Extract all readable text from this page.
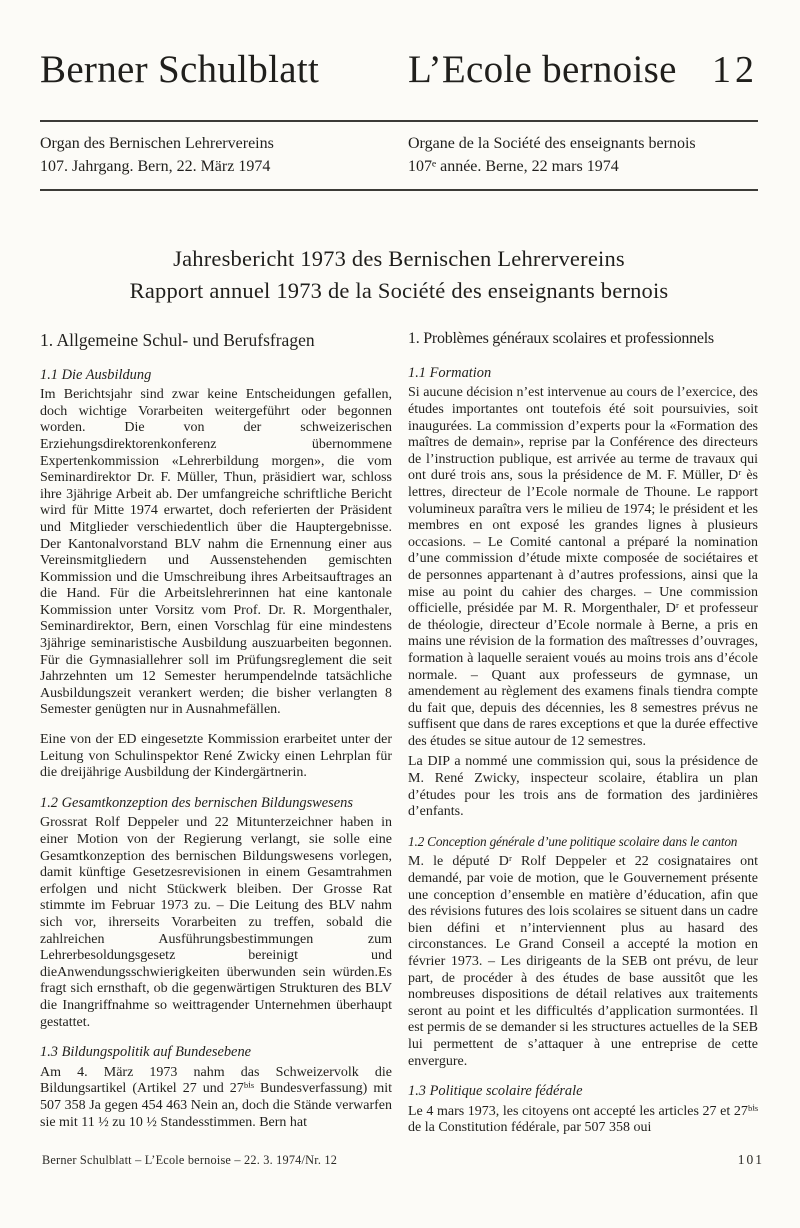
Berner Schulblatt	L’Ecole bernoise 12
Organ des Bernischen Lehrervereins
107. Jahrgang. Bern, 22. März 1974
Organe de la Société des enseignants bernois
107ᵉ année. Berne, 22 mars 1974
Jahresbericht 1973 des Bernischen Lehrervereins
Rapport annuel 1973 de la Société des enseignants bernois
1. Allgemeine Schul- und Berufsfragen
1.1 Die Ausbildung

Im Berichtsjahr sind zwar keine Entscheidungen gefallen, doch wichtige Vorarbeiten weitergeführt oder begonnen worden. Die von der schweizerischen Erziehungsdirektorenkonferenz übernommene Expertenkommission «Lehrerbildung morgen», die vom Seminardirektor Dr. F. Müller, Thun, präsidiert war, schloss ihre 3jährige Arbeit ab. Der umfangreiche schriftliche Bericht wird für Mitte 1974 erwartet, doch referierten der Präsident und Mitglieder verschiedentlich über die Hauptergebnisse. Der Kantonalvorstand BLV nahm die Ernennung einer aus Vereinsmitgliedern und Aussenstehenden gemischten Kommission und die Umschreibung ihres Arbeitsauftrages an die Hand. Für die Arbeitslehrerinnen hat eine kantonale Kommission unter Vorsitz vom Prof. Dr. R. Morgenthaler, Seminardirektor, Bern, einen Vorschlag für eine mindestens 3jährige seminaristische Ausbildung auszuarbeiten begonnen. Für die Gymnasiallehrer soll im Prüfungsreglement die seit Jahrzehnten um 12 Semester herumpendelnde tatsächliche Ausbildungszeit verankert werden; die bisher verlangten 8 Semester genügten nur in Ausnahmefällen.

Eine von der ED eingesetzte Kommission erarbeitet unter der Leitung von Schulinspektor René Zwicky einen Lehrplan für die dreijährige Ausbildung der Kindergärtnerin.

1.2 Gesamtkonzeption des bernischen Bildungswesens

Grossrat Rolf Deppeler und 22 Mitunterzeichner haben in einer Motion von der Regierung verlangt, sie solle eine Gesamtkonzeption des bernischen Bildungswesens vorlegen, damit künftige Gesetzesrevisionen in einem Gesamtrahmen erfolgen und nicht Stückwerk bleiben. Der Grosse Rat stimmte im Februar 1973 zu. – Die Leitung des BLV nahm sich vor, ihrerseits Vorarbeiten zu treffen, sobald die zahlreichen Ausführungsbestimmungen zum Lehrerbesoldungsgesetz bereinigt und dieAnwendungsschwierigkeiten überwunden sein würden.Es fragt sich ernsthaft, ob die gegenwärtigen Strukturen des BLV die Inangriffnahme so weittragender Unternehmen überhaupt gestattet.

1.3 Bildungspolitik auf Bundesebene

Am 4. März 1973 nahm das Schweizervolk die Bildungsartikel (Artikel 27 und 27ᵇⁱˢ Bundesverfassung) mit 507 358 Ja gegen 454 463 Nein an, doch die Stände verwarfen sie mit 11 ½ zu 10 ½ Standesstimmen. Bern hat

1. Problèmes généraux scolaires et professionnels
1.1 Formation

Si aucune décision n’est intervenue au cours de l’exercice, des études importantes ont toutefois été soit poursuivies, soit inaugurées. La commission d’experts pour la «Formation des maîtres de demain», reprise par la Conférence des directeurs de l’instruction publique, est arrivée au terme de travaux qui ont duré trois ans, sous la présidence de M. F. Müller, Dʳ ès lettres, directeur de l’Ecole normale de Thoune. Le rapport volumineux paraîtra vers le milieu de 1974; le président et les membres en ont exposé les grandes lignes à plusieurs occasions. – Le Comité cantonal a préparé la nomination d’une commission d’étude mixte composée de sociétaires et de personnes appartenant à d’autres professions, ainsi que la mise au point du cahier des charges. – Une commission officielle, présidée par M. R. Morgenthaler, Dʳ et professeur de théologie, directeur d’Ecole normale à Berne, a pris en mains une révision de la formation des maîtresses d’ouvrages, formation à laquelle seraient voués au moins trois ans d’école normale. – Quant aux professeurs de gymnase, un amendement au règlement des examens finals tiendra compte du fait que, depuis des décennies, les 8 semestres prévus ne suffisent que dans de rares exceptions et que la durée effective des études se situe autour de 12 semestres.

La DIP a nommé une commission qui, sous la présidence de M. René Zwicky, inspecteur scolaire, établira un plan d’études pour les trois ans de formation des jardinières d’enfants.

1.2 Conception générale d’une politique scolaire dans le canton

M. le député Dʳ Rolf Deppeler et 22 cosignataires ont demandé, par voie de motion, que le Gouvernement présente une conception d’ensemble en matière d’éducation, afin que des révisions futures des lois scolaires se situent dans un cadre bien défini et n’interviennent plus au hasard des circonstances. Le Grand Conseil a accepté la motion en février 1973. – Les dirigeants de la SEB ont prévu, de leur part, de procéder à des études de base aussitôt que les nombreuses dispositions de détail relatives aux traitements seront au point et les difficultés d’application surmontées. Il est permis de se demander si les structures actuelles de la SEB lui permettent de s’attaquer à une entreprise de cette envergure.

1.3 Politique scolaire fédérale

Le 4 mars 1973, les citoyens ont accepté les articles 27 et 27ᵇⁱˢ de la Constitution fédérale, par 507 358 oui

Berner Schulblatt – L’Ecole bernoise – 22. 3. 1974/Nr. 12	101
